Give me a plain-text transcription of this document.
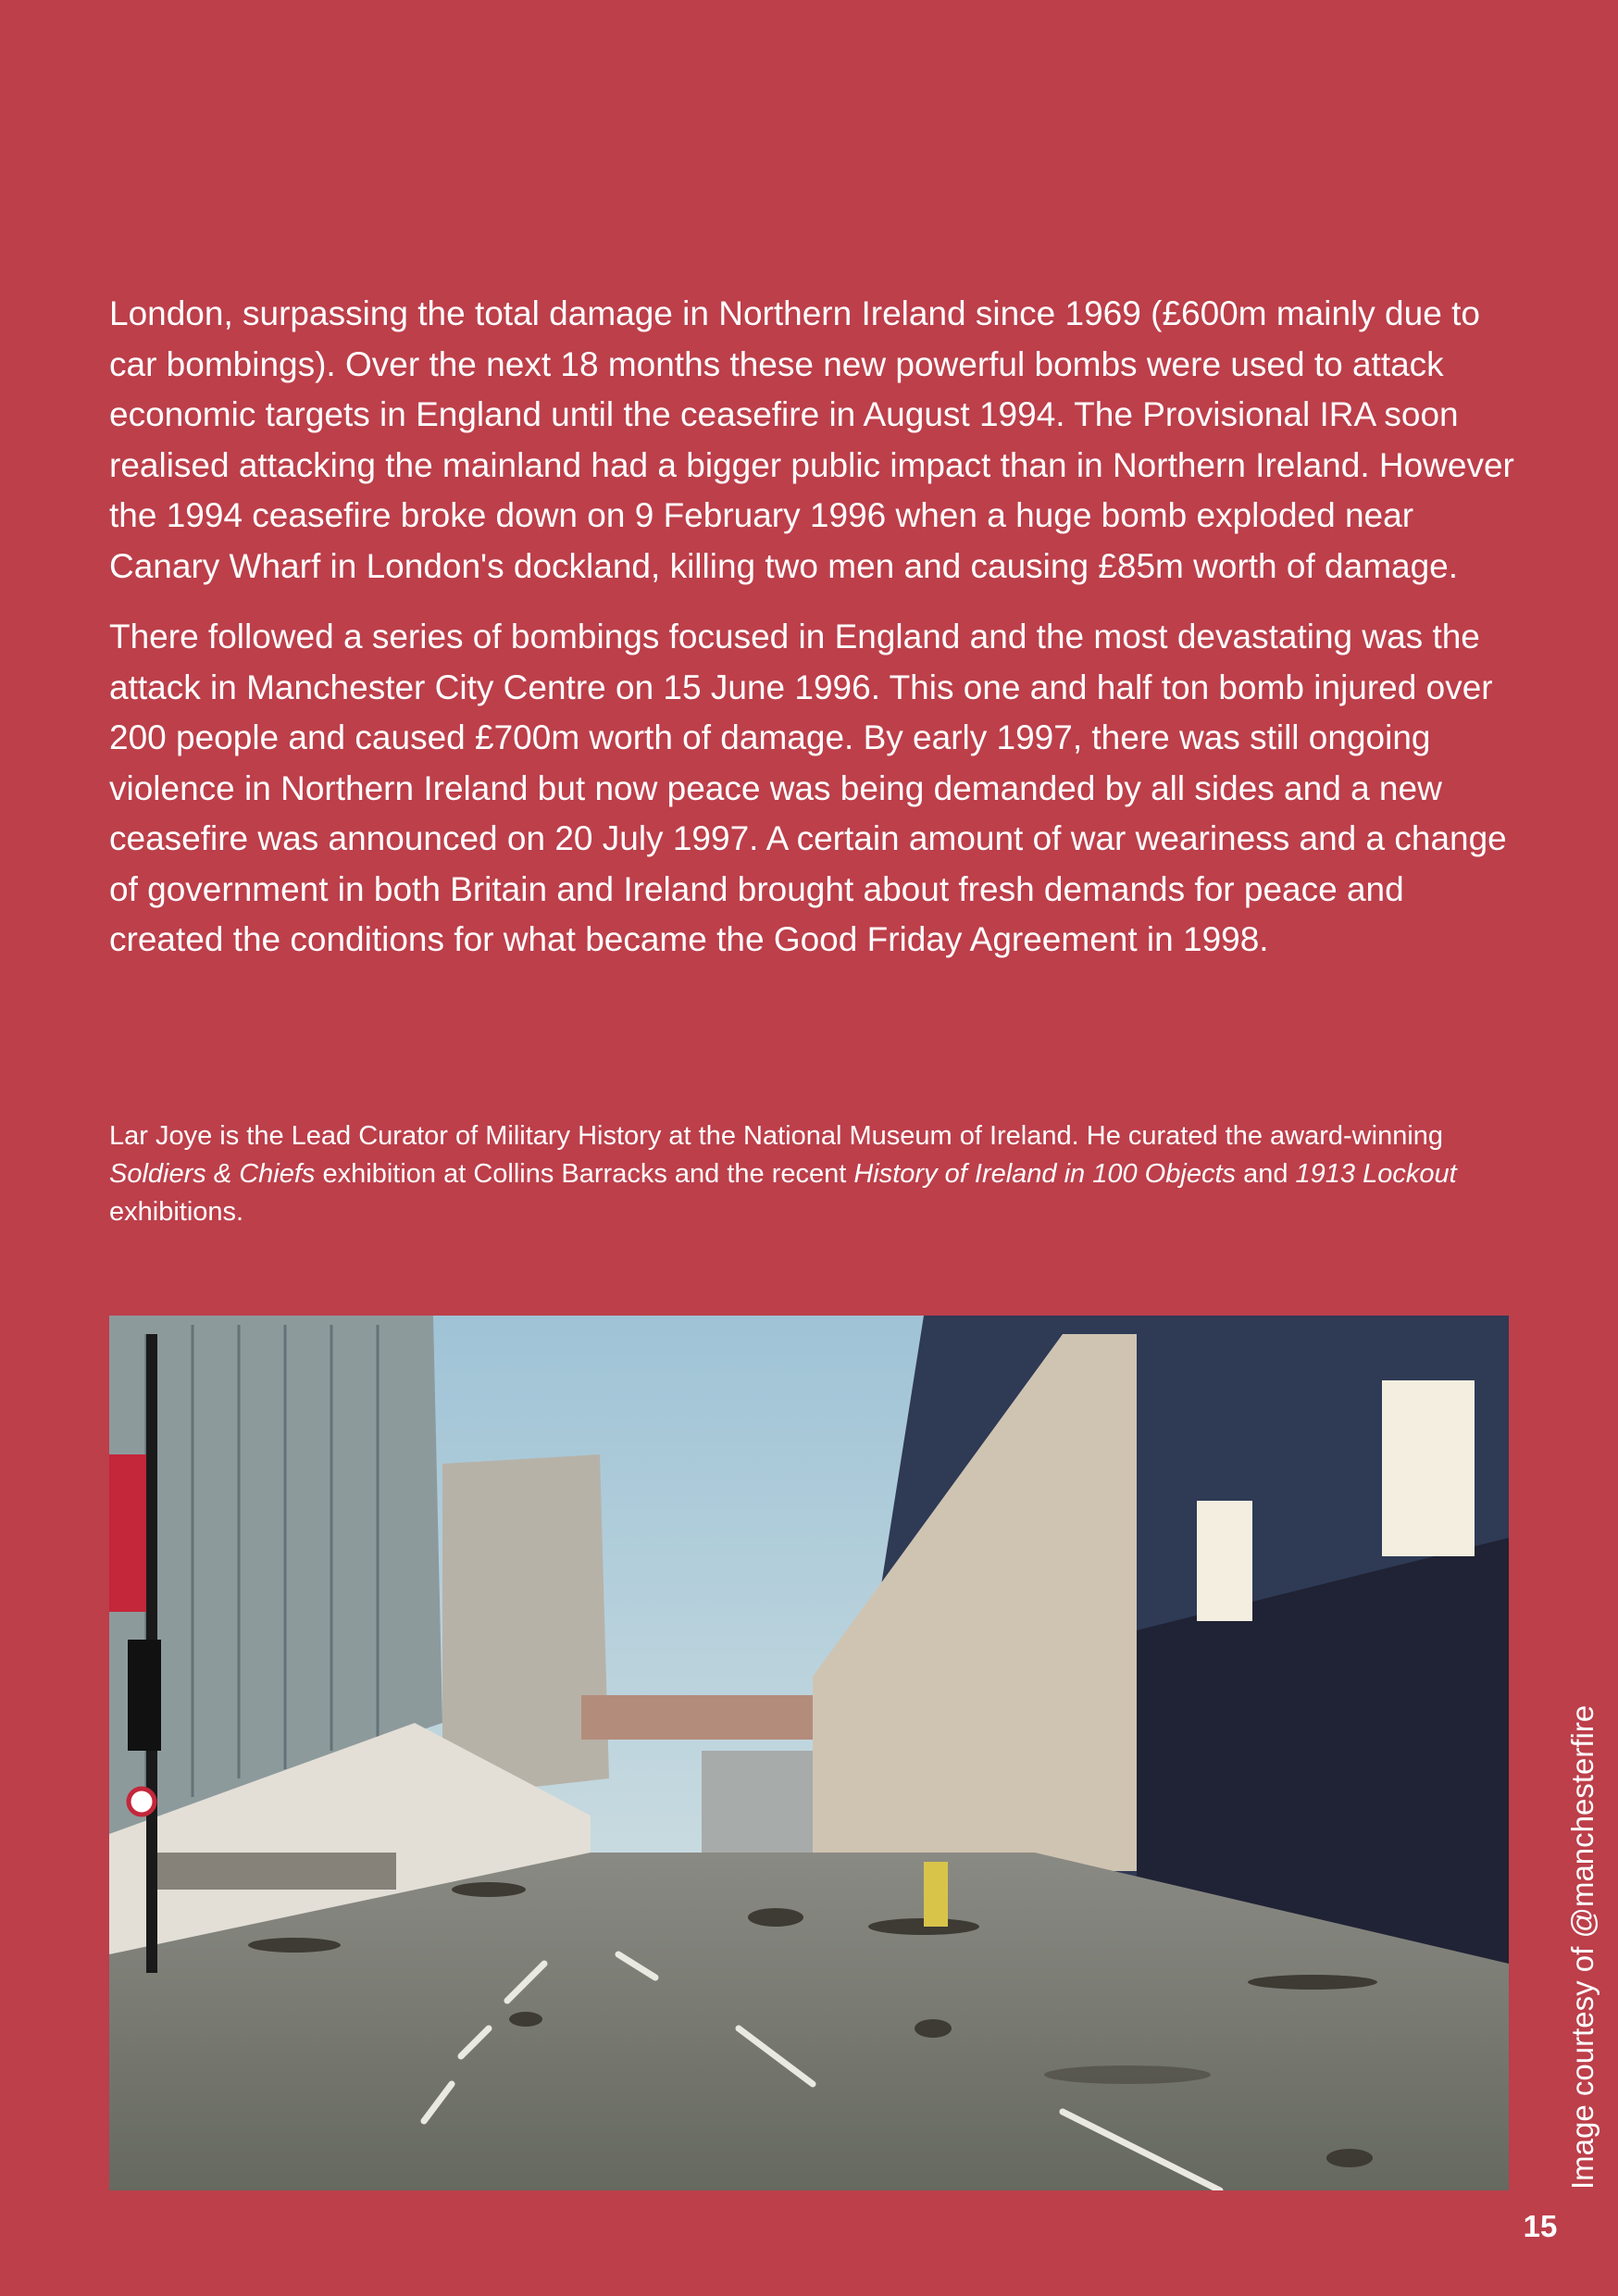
London, surpassing the total damage in Northern Ireland since 1969 (£600m mainly due to car bombings). Over the next 18 months these new powerful bombs were used to attack economic targets in England until the ceasefire in August 1994. The Provisional IRA soon realised attacking the mainland had a bigger public impact than in Northern Ireland. However the 1994 ceasefire broke down on 9 February 1996 when a huge bomb exploded near Canary Wharf in London's dockland, killing two men and causing £85m worth of damage.

There followed a series of bombings focused in England and the most devastating was the attack in Manchester City Centre on 15 June 1996. This one and half ton bomb injured over 200 people and caused £700m worth of damage. By early 1997, there was still ongoing violence in Northern Ireland but now peace was being demanded by all sides and a new ceasefire was announced on 20 July 1997. A certain amount of war weariness and a change of government in both Britain and Ireland brought about fresh demands for peace and created the conditions for what became the Good Friday Agreement in 1998.

Lar Joye is the Lead Curator of Military History at the National Museum of Ireland. He curated the award-winning Soldiers & Chiefs exhibition at Collins Barracks and the recent History of Ireland in 100 Objects and 1913 Lockout exhibitions.

Image courtesy of @manchesterfire
15
